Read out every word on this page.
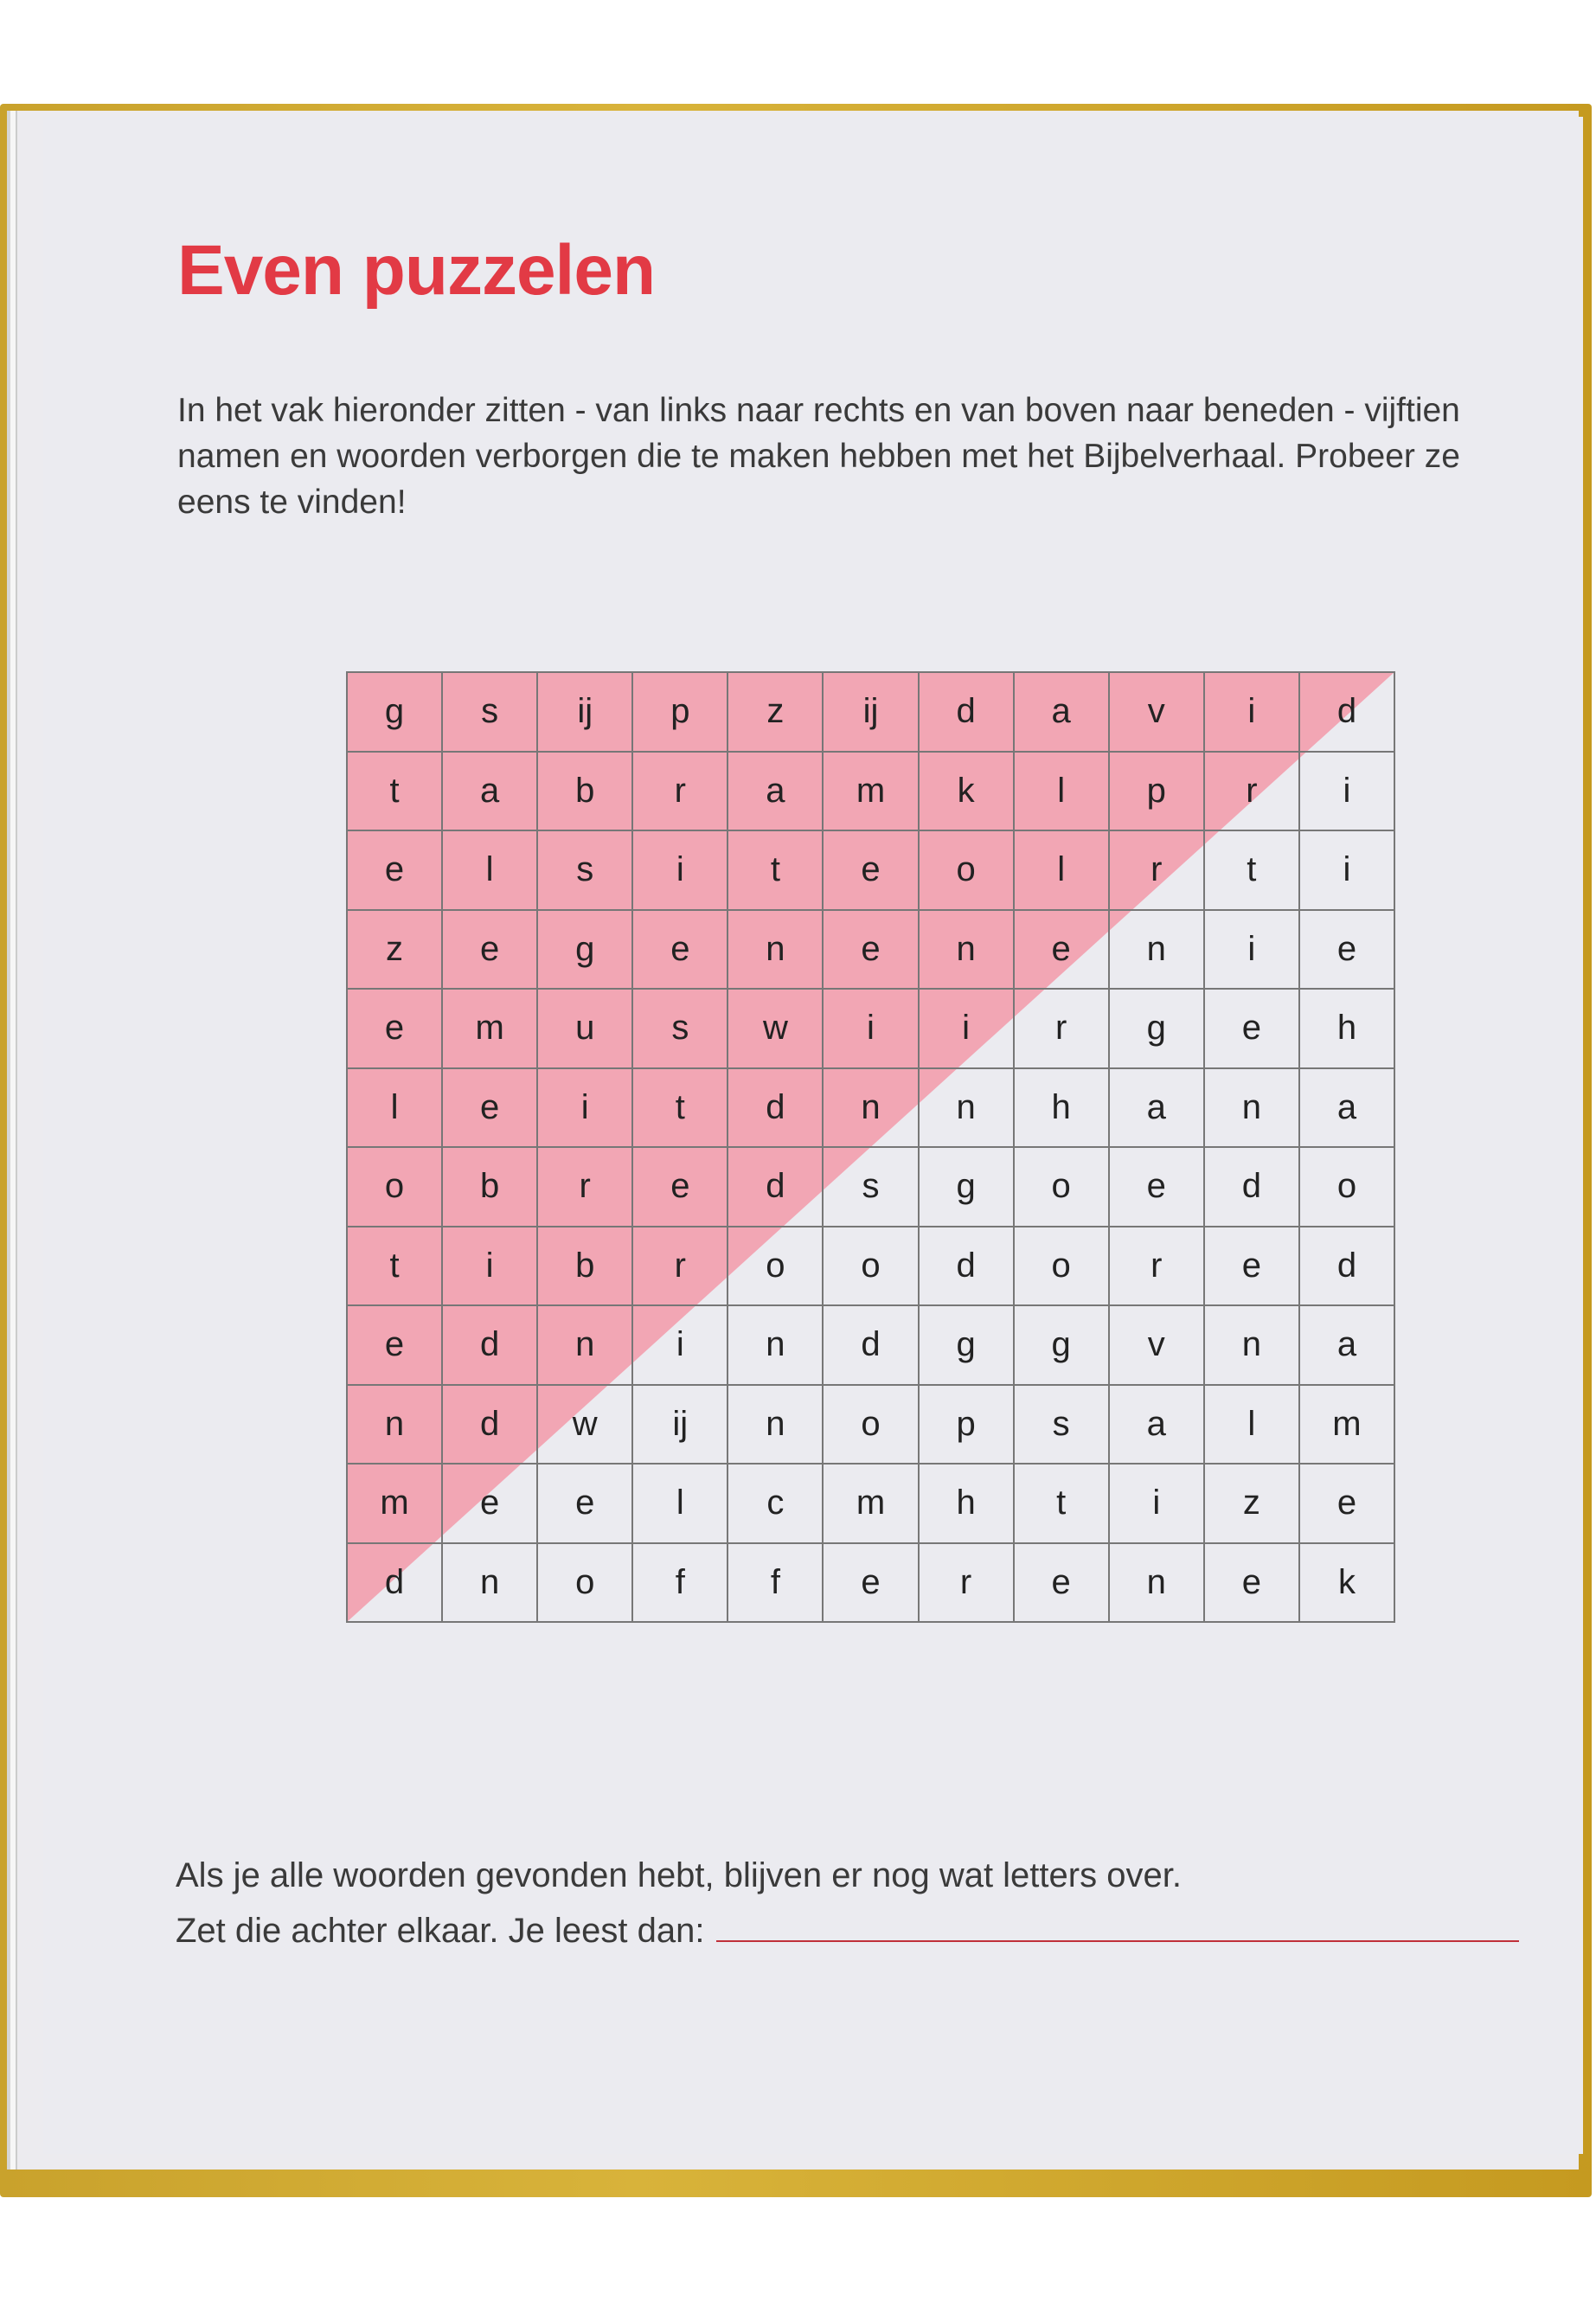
Even puzzelen

In het vak hieronder zitten - van links naar rechts en van boven naar beneden - vijftien namen en woorden verborgen die te maken hebben met het Bijbelverhaal. Probeer ze eens te vinden!

g	s	ij	p	z	ij	d	a	v	i	d
t	a	b	r	a	m	k	l	p	r	i
e	l	s	i	t	e	o	l	r	t	i
z	e	g	e	n	e	n	e	n	i	e
e	m	u	s	w	i	i	r	g	e	h
l	e	i	t	d	n	n	h	a	n	a
o	b	r	e	d	s	g	o	e	d	o
t	i	b	r	o	o	d	o	r	e	d
e	d	n	i	n	d	g	g	v	n	a
n	d	w	ij	n	o	p	s	a	l	m
m	e	e	l	c	m	h	t	i	z	e
d	n	o	f	f	e	r	e	n	e	k

Als je alle woorden gevonden hebt, blijven er nog wat letters over.

Zet die achter elkaar. Je leest dan:
